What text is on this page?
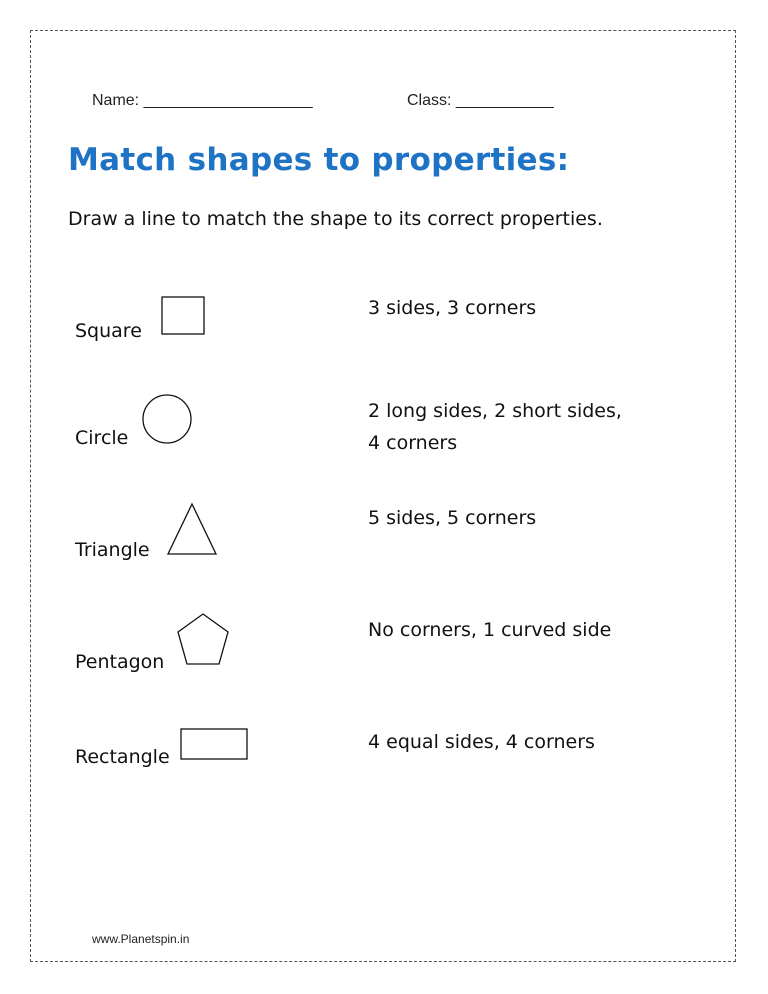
Name: ___________________	Class: ___________
Match shapes to properties:
Draw a line to match the shape to its correct properties.
Square
Circle
Triangle
Pentagon
Rectangle
3 sides, 3 corners
2 long sides, 2 short sides,
4 corners
5 sides, 5 corners
No corners, 1 curved side
4 equal sides, 4 corners
www.Planetspin.in
